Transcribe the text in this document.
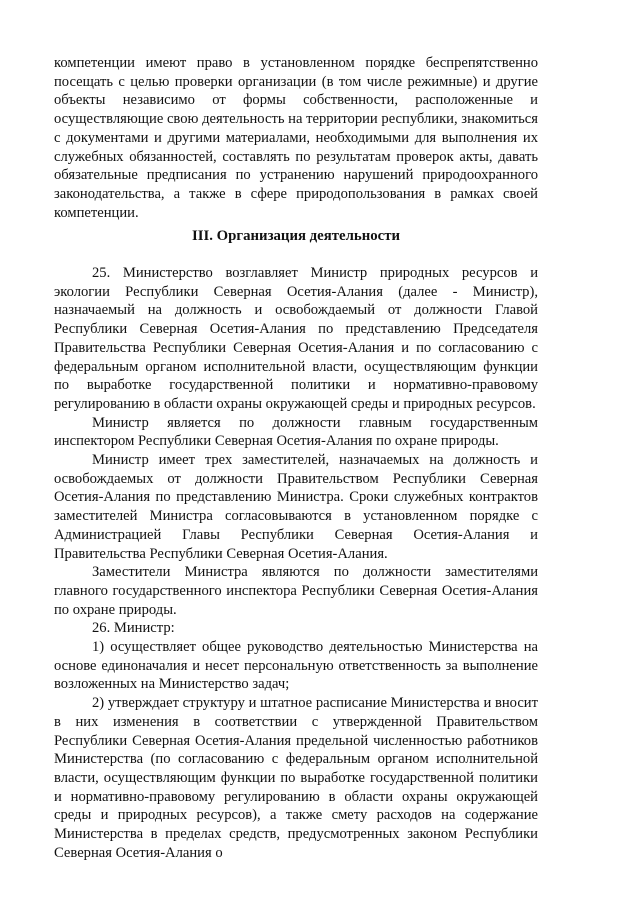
компетенции имеют право в установленном порядке беспрепятственно посещать с целью проверки организации (в том числе режимные) и другие объекты независимо от формы собственности, расположенные и осуществляющие свою деятельность на территории республики, знакомиться с документами и другими материалами, необходимыми для выполнения их служебных обязанностей, составлять по результатам проверок акты, давать обязательные предписания по устранению нарушений природоохранного законодательства, а также в сфере природопользования в рамках своей компетенции.

III. Организация деятельности

25. Министерство возглавляет Министр природных ресурсов и экологии Республики Северная Осетия-Алания (далее - Министр), назначаемый на должность и освобождаемый от должности Главой Республики Северная Осетия-Алания по представлению Председателя Правительства Республики Северная Осетия-Алания и по согласованию с федеральным органом исполнительной власти, осуществляющим функции по выработке государственной политики и нормативно-правовому регулированию в области охраны окружающей среды и природных ресурсов.

Министр является по должности главным государственным инспектором Республики Северная Осетия-Алания по охране природы.

Министр имеет трех заместителей, назначаемых на должность и освобождаемых от должности Правительством Республики Северная Осетия-Алания по представлению Министра. Сроки служебных контрактов заместителей Министра согласовываются в установленном порядке с Администрацией Главы Республики Северная Осетия-Алания и Правительства Республики Северная Осетия-Алания.

Заместители Министра являются по должности заместителями главного государственного инспектора Республики Северная Осетия-Алания по охране природы.

26. Министр:

1) осуществляет общее руководство деятельностью Министерства на основе единоначалия и несет персональную ответственность за выполнение возложенных на Министерство задач;

2) утверждает структуру и штатное расписание Министерства и вносит в них изменения в соответствии с утвержденной Правительством Республики Северная Осетия-Алания предельной численностью работников Министерства (по согласованию с федеральным органом исполнительной власти, осуществляющим функции по выработке государственной политики и нормативно-правовому регулированию в области охраны окружающей среды и природных ресурсов), а также смету расходов на содержание Министерства в пределах средств, предусмотренных законом Республики Северная Осетия-Алания о
